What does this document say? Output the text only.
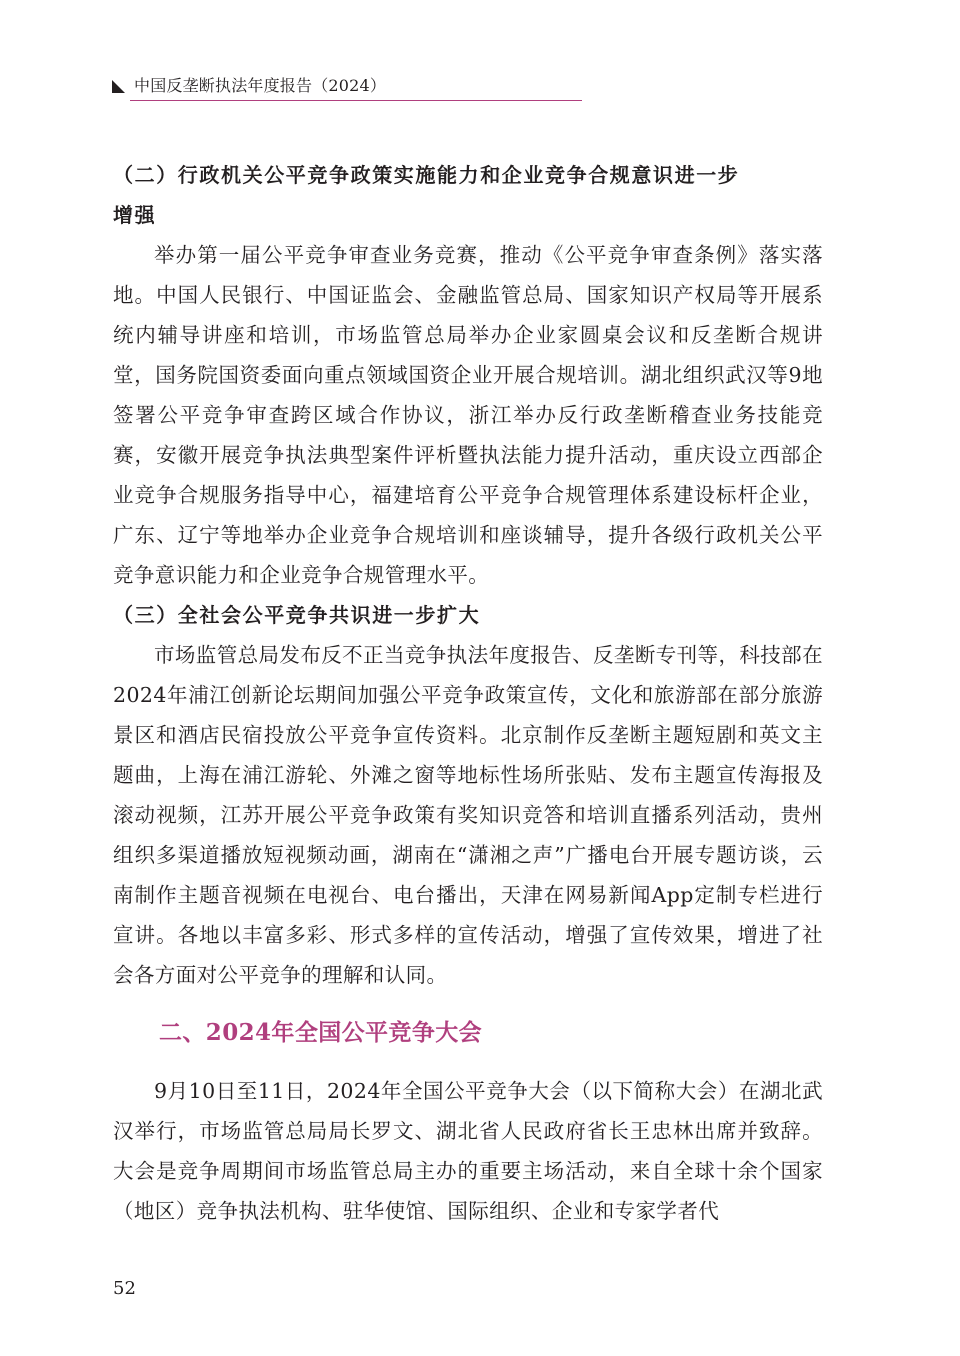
中国反垄断执法年度报告（2024）

（二）行政机关公平竞争政策实施能力和企业竞争合规意识进一步
增强

举办第一届公平竞争审查业务竞赛，推动《公平竞争审查条例》落实落地。中国人民银行、中国证监会、金融监管总局、国家知识产权局等开展系统内辅导讲座和培训，市场监管总局举办企业家圆桌会议和反垄断合规讲堂，国务院国资委面向重点领域国资企业开展合规培训。湖北组织武汉等9地签署公平竞争审查跨区域合作协议，浙江举办反行政垄断稽查业务技能竞赛，安徽开展竞争执法典型案件评析暨执法能力提升活动，重庆设立西部企业竞争合规服务指导中心，福建培育公平竞争合规管理体系建设标杆企业，广东、辽宁等地举办企业竞争合规培训和座谈辅导，提升各级行政机关公平竞争意识能力和企业竞争合规管理水平。

（三）全社会公平竞争共识进一步扩大

市场监管总局发布反不正当竞争执法年度报告、反垄断专刊等，科技部在2024年浦江创新论坛期间加强公平竞争政策宣传，文化和旅游部在部分旅游景区和酒店民宿投放公平竞争宣传资料。北京制作反垄断主题短剧和英文主题曲，上海在浦江游轮、外滩之窗等地标性场所张贴、发布主题宣传海报及滚动视频，江苏开展公平竞争政策有奖知识竞答和培训直播系列活动，贵州组织多渠道播放短视频动画，湖南在“潇湘之声”广播电台开展专题访谈，云南制作主题音视频在电视台、电台播出，天津在网易新闻App定制专栏进行宣讲。各地以丰富多彩、形式多样的宣传活动，增强了宣传效果，增进了社会各方面对公平竞争的理解和认同。

二、2024年全国公平竞争大会

9月10日至11日，2024年全国公平竞争大会（以下简称大会）在湖北武汉举行，市场监管总局局长罗文、湖北省人民政府省长王忠林出席并致辞。大会是竞争周期间市场监管总局主办的重要主场活动，来自全球十余个国家（地区）竞争执法机构、驻华使馆、国际组织、企业和专家学者代

52
